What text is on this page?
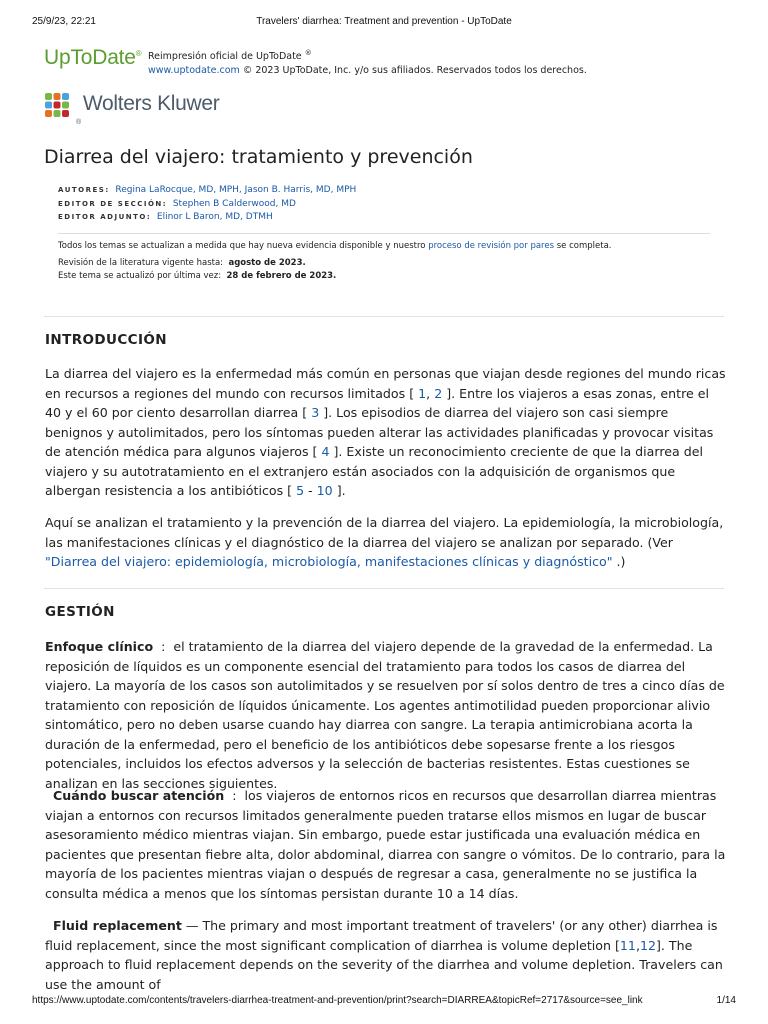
25/9/23, 22:21	Travelers' diarrhea: Treatment and prevention - UpToDate
UpToDate® Reimpresión oficial de UpToDate ®
www.uptodate.com © 2023 UpToDate, Inc. y/o sus afiliados. Reservados todos los derechos.
®Wolters Kluwer
Diarrea del viajero: tratamiento y prevención
AUTORES: Regina LaRocque, MD, MPH, Jason B. Harris, MD, MPH
EDITOR DE SECCIÓN: Stephen B Calderwood, MD
EDITOR ADJUNTO: Elinor L Baron, MD, DTMH
Todos los temas se actualizan a medida que hay nueva evidencia disponible y nuestro proceso de revisión por pares se completa.
Revisión de la literatura vigente hasta: agosto de 2023.
Este tema se actualizó por última vez: 28 de febrero de 2023.
INTRODUCCIÓN

La diarrea del viajero es la enfermedad más común en personas que viajan desde regiones del mundo ricas en recursos a regiones del mundo con recursos limitados [ 1, 2 ]. Entre los viajeros a esas zonas, entre el 40 y el 60 por ciento desarrollan diarrea [ 3 ]. Los episodios de diarrea del viajero son casi siempre benignos y autolimitados, pero los síntomas pueden alterar las actividades planificadas y provocar visitas de atención médica para algunos viajeros [ 4 ]. Existe un reconocimiento creciente de que la diarrea del viajero y su autotratamiento en el extranjero están asociados con la adquisición de organismos que albergan resistencia a los antibióticos [ 5 - 10 ].

Aquí se analizan el tratamiento y la prevención de la diarrea del viajero. La epidemiología, la microbiología, las manifestaciones clínicas y el diagnóstico de la diarrea del viajero se analizan por separado. (Ver "Diarrea del viajero: epidemiología, microbiología, manifestaciones clínicas y diagnóstico" .)

GESTIÓN

Enfoque clínico : el tratamiento de la diarrea del viajero depende de la gravedad de la enfermedad. La reposición de líquidos es un componente esencial del tratamiento para todos los casos de diarrea del viajero. La mayoría de los casos son autolimitados y se resuelven por sí solos dentro de tres a cinco días de tratamiento con reposición de líquidos únicamente. Los agentes antimotilidad pueden proporcionar alivio sintomático, pero no deben usarse cuando hay diarrea con sangre. La terapia antimicrobiana acorta la duración de la enfermedad, pero el beneficio de los antibióticos debe sopesarse frente a los riesgos potenciales, incluidos los efectos adversos y la selección de bacterias resistentes. Estas cuestiones se analizan en las secciones siguientes.

Cuándo buscar atención : los viajeros de entornos ricos en recursos que desarrollan diarrea mientras viajan a entornos con recursos limitados generalmente pueden tratarse ellos mismos en lugar de buscar asesoramiento médico mientras viajan. Sin embargo, puede estar justificada una evaluación médica en pacientes que presentan fiebre alta, dolor abdominal, diarrea con sangre o vómitos. De lo contrario, para la mayoría de los pacientes mientras viajan o después de regresar a casa, generalmente no se justifica la consulta médica a menos que los síntomas persistan durante 10 a 14 días.

Fluid replacement — The primary and most important treatment of travelers' (or any other) diarrhea is fluid replacement, since the most significant complication of diarrhea is volume depletion [11,12]. The approach to fluid replacement depends on the severity of the diarrhea and volume depletion. Travelers can use the amount of

https://www.uptodate.com/contents/travelers-diarrhea-treatment-and-prevention/print?search=DIARREA&topicRef=2717&source=see_link	1/14
